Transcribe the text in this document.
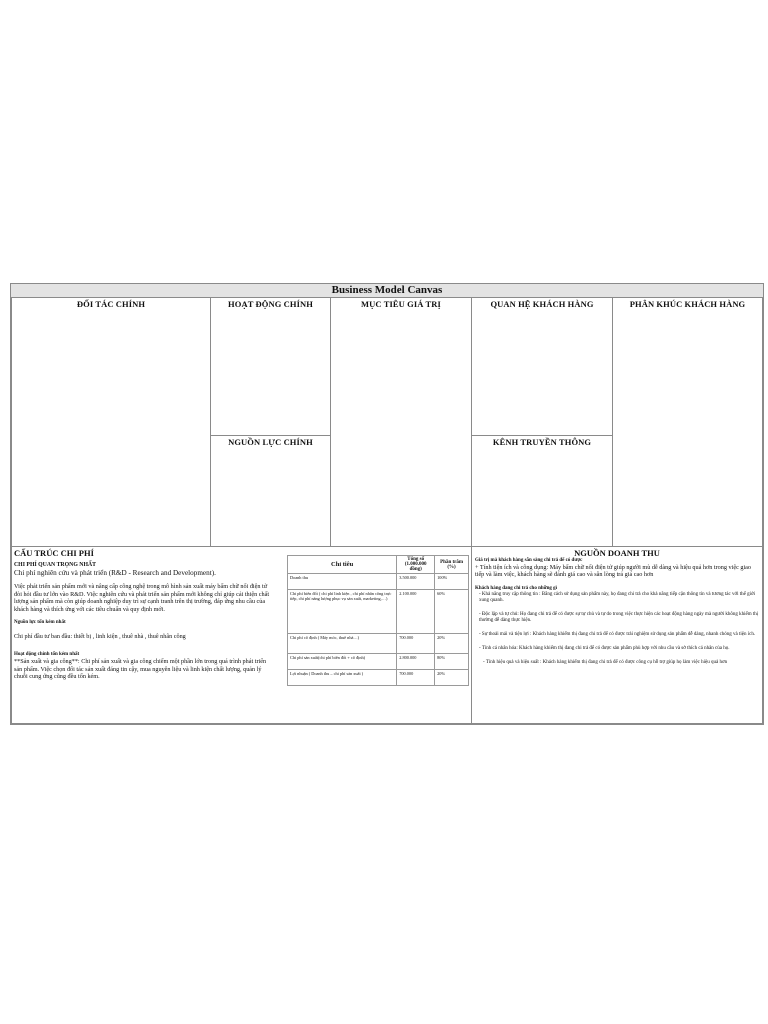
Business Model Canvas
ĐỐI TÁC CHÍNH	HOẠT ĐỘNG CHÍNH
NGUỒN LỰC CHÍNH
MỤC TIÊU GIÁ TRỊ	QUAN HỆ KHÁCH HÀNG
KÊNH TRUYỀN THÔNG
PHÂN KHÚC KHÁCH HÀNG
CẤU TRÚC CHI PHÍ
CHI PHÍ QUAN TRỌNG NHẤT
Chi phí nghiên cứu và phát triển (R&D - Research and Development).
Việc phát triển sản phẩm mới và nâng cấp công nghệ trong mô hình sản xuất máy bấm chữ nổi điện tử đòi hỏi đầu tư lớn vào R&D. Việc nghiên cứu và phát triển sản phẩm mới không chỉ giúp cải thiện chất lượng sản phẩm mà còn giúp doanh nghiệp duy trì sự cạnh tranh trên thị trường, đáp ứng nhu cầu của khách hàng và thích ứng với các tiêu chuẩn và quy định mới.
Nguồn lực tốn kém nhất
Chi phí đầu tư ban đầu: thiết bị , linh kiện , thuê nhà , thuê nhân công
Hoạt động chính tốn kém nhất
**Sản xuất và gia công**: Chi phí sản xuất và gia công chiếm một phần lớn trong quá trình phát triển sản phẩm. Việc chọn đối tác sản xuất đáng tin cậy, mua nguyên liệu và linh kiện chất lượng, quản lý chuỗi cung ứng cũng đều tốn kém.
NGUỒN DOANH THU
Giá trị mà khách hàng sẵn sàng chi trả để có được
+ Tính tiện ích và công dụng: Máy bấm chữ nổi điện tử giúp người mù dễ dàng và hiệu quả hơn trong việc giao tiếp và làm việc, khách hàng sẽ đánh giá cao và sẵn lòng trả giá cao hơn
Khách hàng đang chi trả cho những gì
- Khả năng truy cập thông tin : Bằng cách sử dụng sản phẩm này, họ đang chi trả cho khả năng tiếp cận thông tin và tương tác với thế giới xung quanh.
- Độc lập và tự chủ: Họ đang chi trả để có được sự tự chủ và tự do trong việc thực hiện các hoạt động hàng ngày mà người không khiếm thị thường dễ dàng thực hiện.
- Sự thoải mái và tiện lợi : Khách hàng khiếm thị đang chi trả để có được trải nghiệm sử dụng sản phẩm dễ dàng, nhanh chóng và tiện ích.
- Tính cá nhân hóa: Khách hàng khiếm thị đang chi trả để có được sản phẩm phù hợp với nhu cầu và sở thích cá nhân của họ.
- Tính hiệu quả và hiệu suất : Khách hàng khiếm thị đang chi trả để có được công cụ hỗ trợ giúp họ làm việc hiệu quả hơn
Chỉ tiêu	Tổng số (1.000.000 đồng)	Phần trăm (%)
Doanh thu	3.500.000	100%
Chi phí biến đổi ( chi phí linh kiện , chi phí nhân công trực tiếp, chi phí năng lượng phục vụ sản xuất, marketing,…)	2.100.000	60%
Chi phí cố định ( Máy móc, thuê nhà…)	700.000	20%
Chi phí sản xuất(chi phí biến đổi + cố định)	2.800.000	80%
Lợi nhuận ( Doanh thu – chi phí sản xuất )	700.000	20%
